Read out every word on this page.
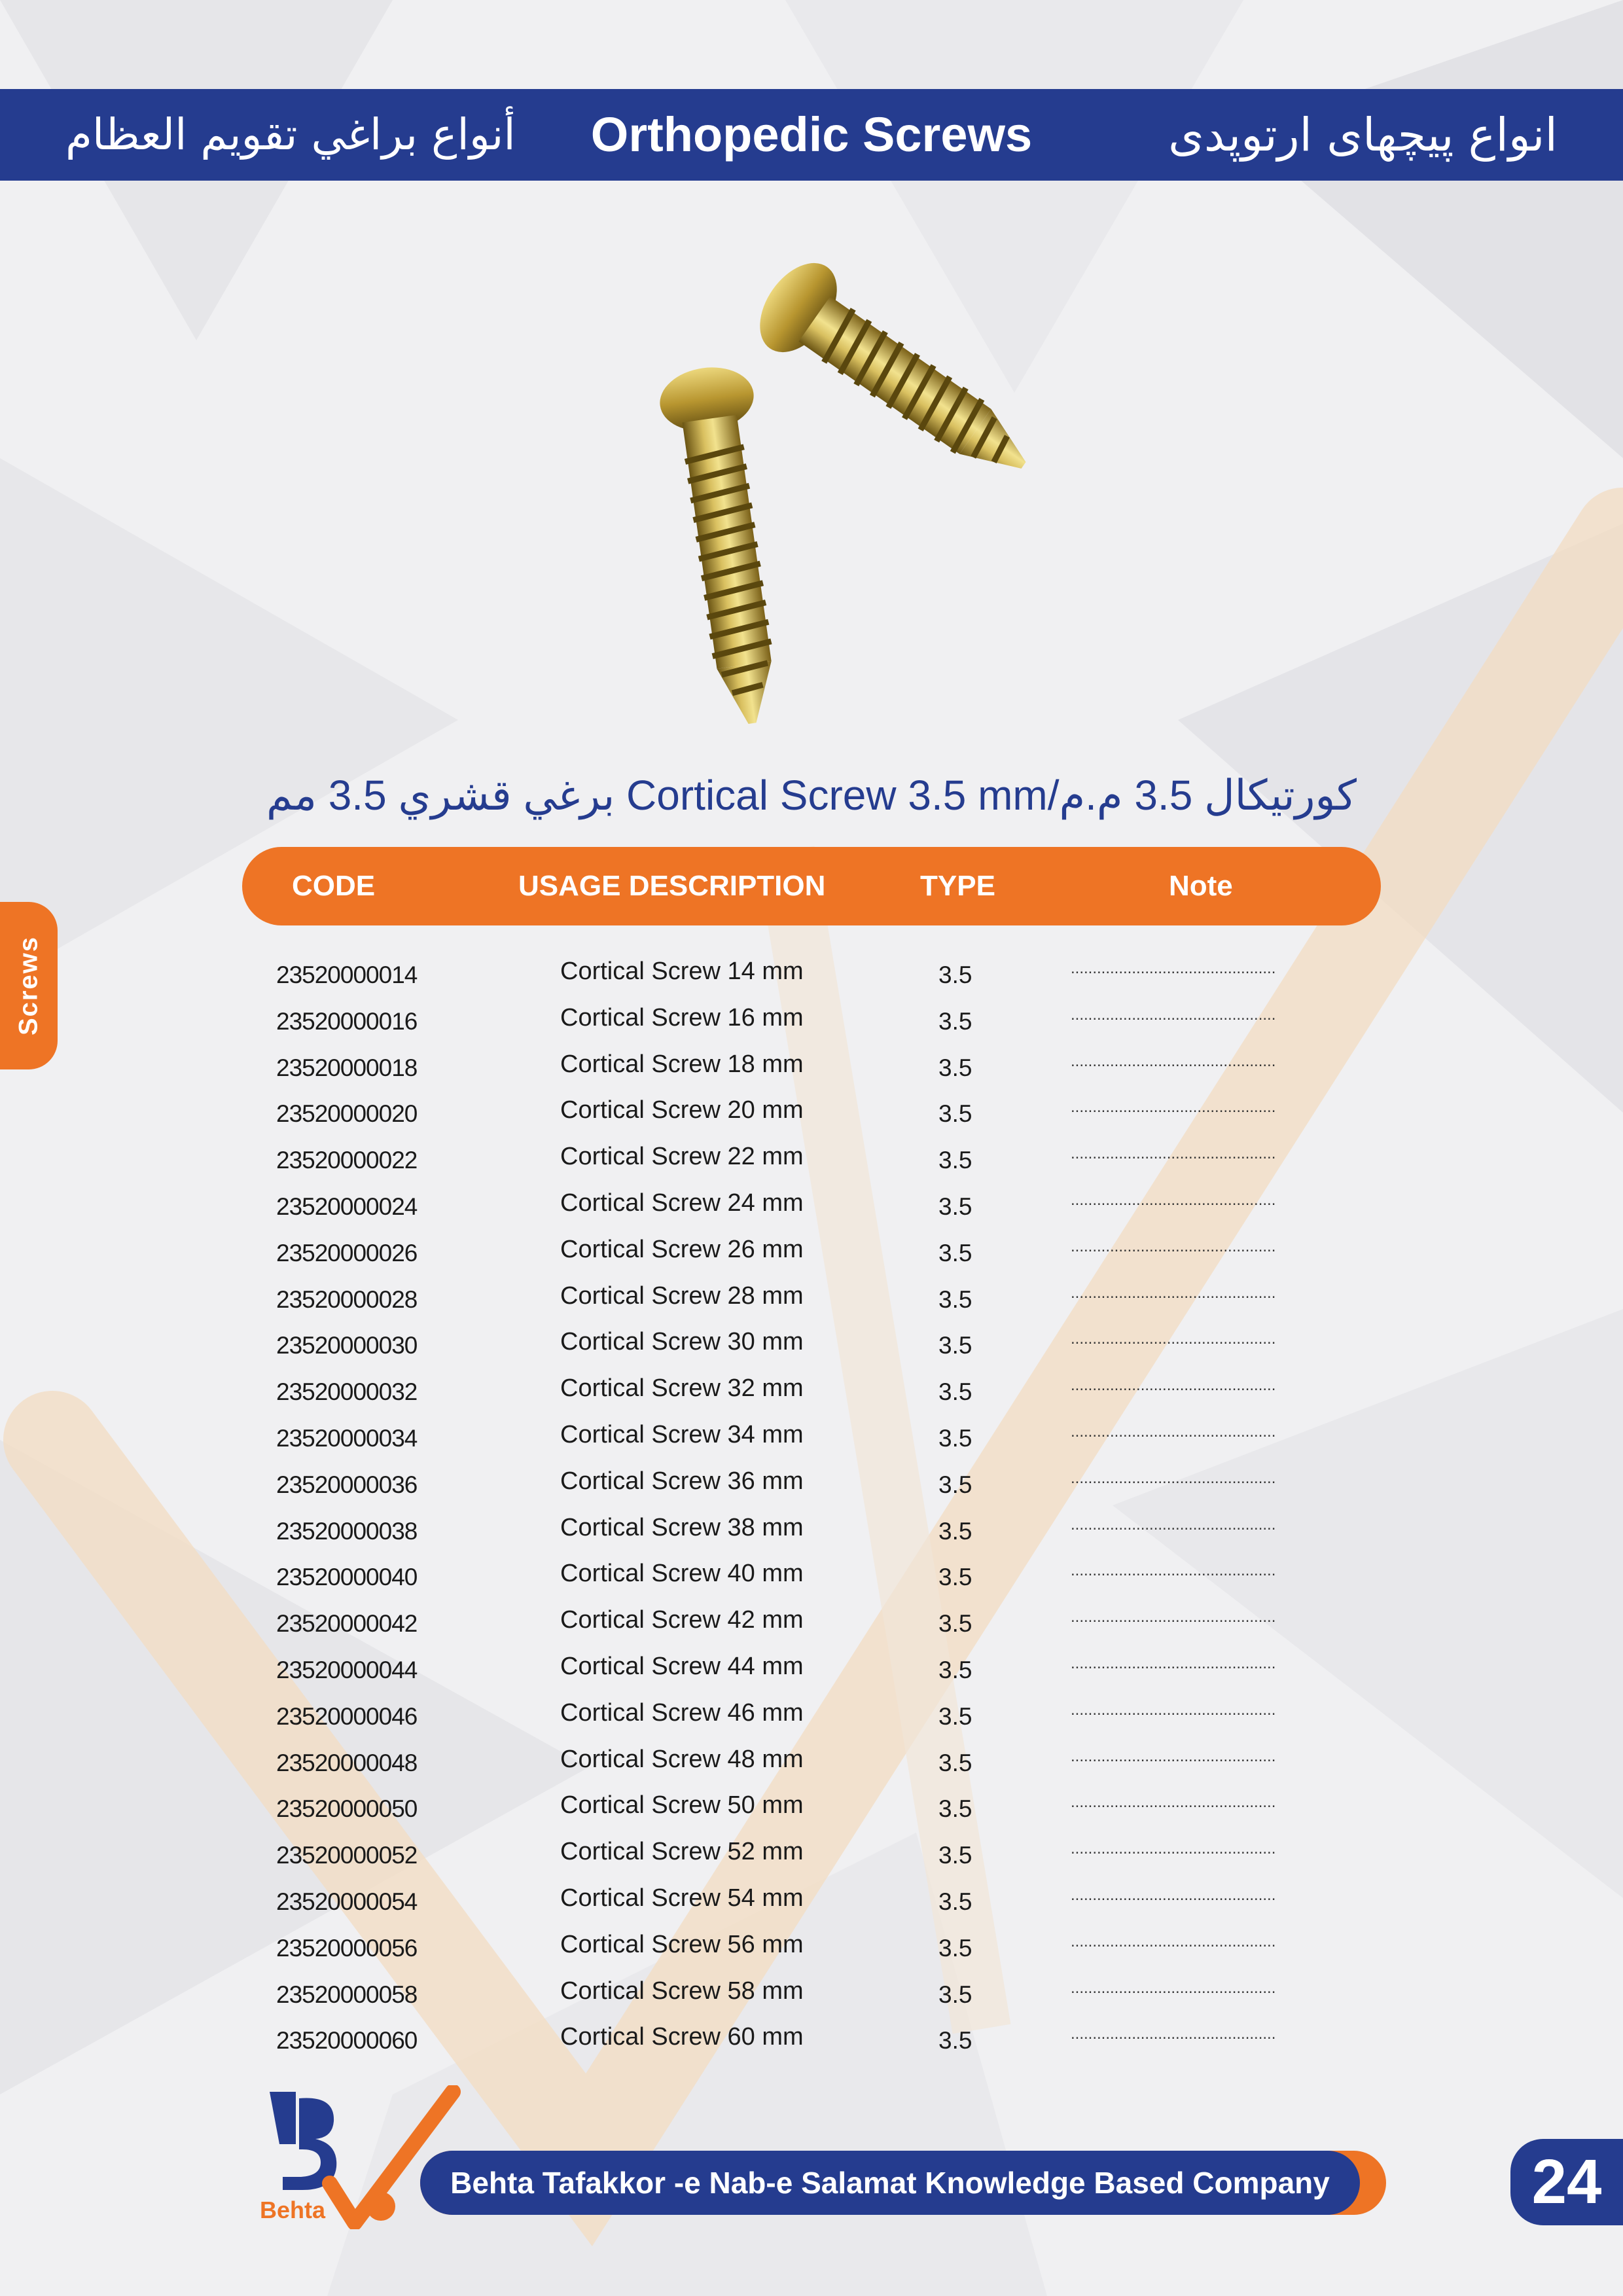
أنواع براغي تقويم العظام	Orthopedic Screws	انواع پیچهای ارتوپدی
Screws
کورتیکال 3.5 م.م/Cortical Screw 3.5 mm برغي قشري 3.5 مم
CODE	USAGE DESCRIPTION	TYPE	Note
23520000014	Cortical Screw 14 mm	3.5	...............................................
23520000016	Cortical Screw 16 mm	3.5	...............................................
23520000018	Cortical Screw 18 mm	3.5	...............................................
23520000020	Cortical Screw 20 mm	3.5	...............................................
23520000022	Cortical Screw 22 mm	3.5	...............................................
23520000024	Cortical Screw 24 mm	3.5	...............................................
23520000026	Cortical Screw 26 mm	3.5	...............................................
23520000028	Cortical Screw 28 mm	3.5	...............................................
23520000030	Cortical Screw 30 mm	3.5	...............................................
23520000032	Cortical Screw 32 mm	3.5	...............................................
23520000034	Cortical Screw 34 mm	3.5	...............................................
23520000036	Cortical Screw 36 mm	3.5	...............................................
23520000038	Cortical Screw 38 mm	3.5	...............................................
23520000040	Cortical Screw 40 mm	3.5	...............................................
23520000042	Cortical Screw 42 mm	3.5	...............................................
23520000044	Cortical Screw 44 mm	3.5	...............................................
23520000046	Cortical Screw 46 mm	3.5	...............................................
23520000048	Cortical Screw 48 mm	3.5	...............................................
23520000050	Cortical Screw 50 mm	3.5	...............................................
23520000052	Cortical Screw 52 mm	3.5	...............................................
23520000054	Cortical Screw 54 mm	3.5	...............................................
23520000056	Cortical Screw 56 mm	3.5	...............................................
23520000058	Cortical Screw 58 mm	3.5	...............................................
23520000060	Cortical Screw 60 mm	3.5	...............................................
Behta
Behta Tafakkor -e Nab-e Salamat Knowledge Based Company	24
